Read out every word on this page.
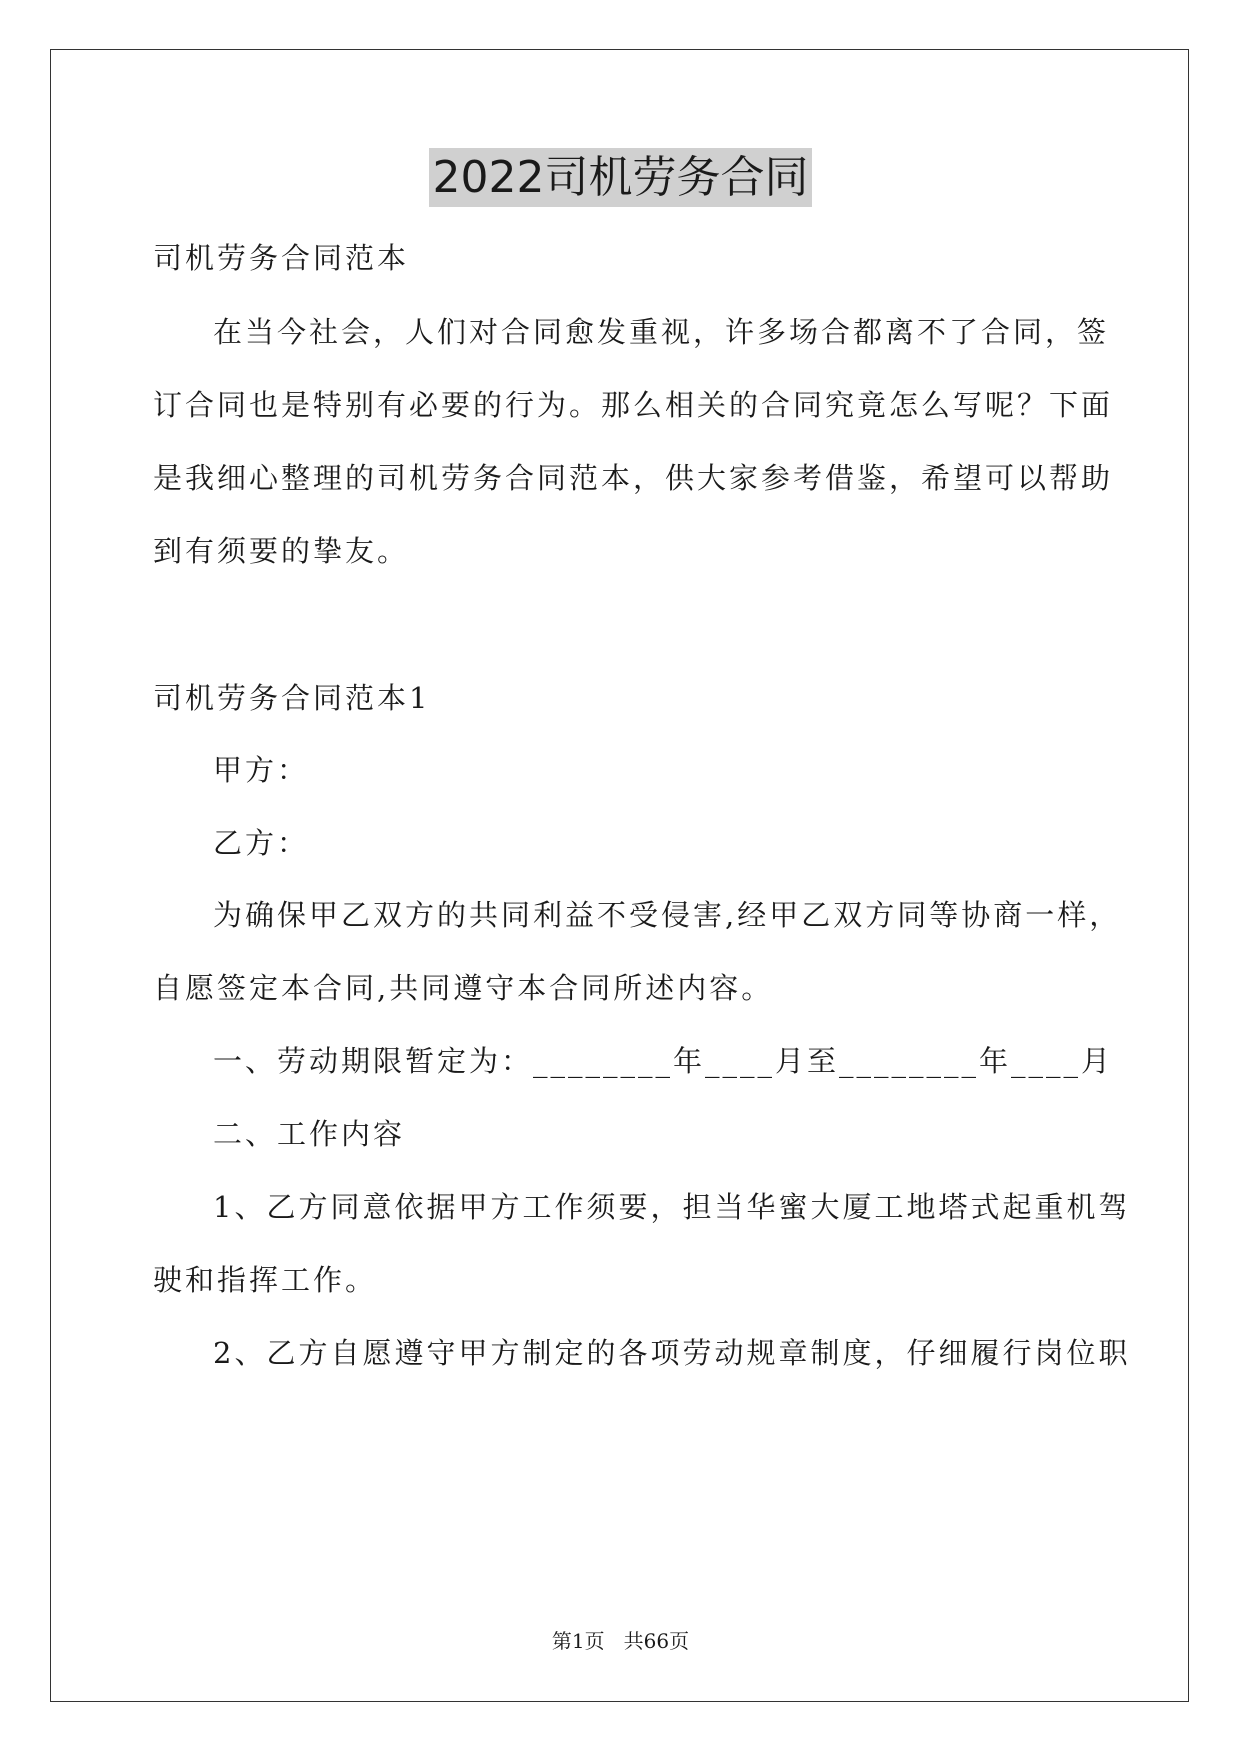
2022司机劳务合同
司机劳务合同范本
在当今社会，人们对合同愈发重视，许多场合都离不了合同，签
订合同也是特别有必要的行为。那么相关的合同究竟怎么写呢？下面
是我细心整理的司机劳务合同范本，供大家参考借鉴，希望可以帮助
到有须要的挚友。
司机劳务合同范本1
甲方：
乙方：
为确保甲乙双方的共同利益不受侵害,经甲乙双方同等协商一样，
自愿签定本合同,共同遵守本合同所述内容。
一、劳动期限暂定为：________年____月至________年____月
二、工作内容
1、乙方同意依据甲方工作须要，担当华蜜大厦工地塔式起重机驾
驶和指挥工作。
2、乙方自愿遵守甲方制定的各项劳动规章制度，仔细履行岗位职
第1页   共66页
